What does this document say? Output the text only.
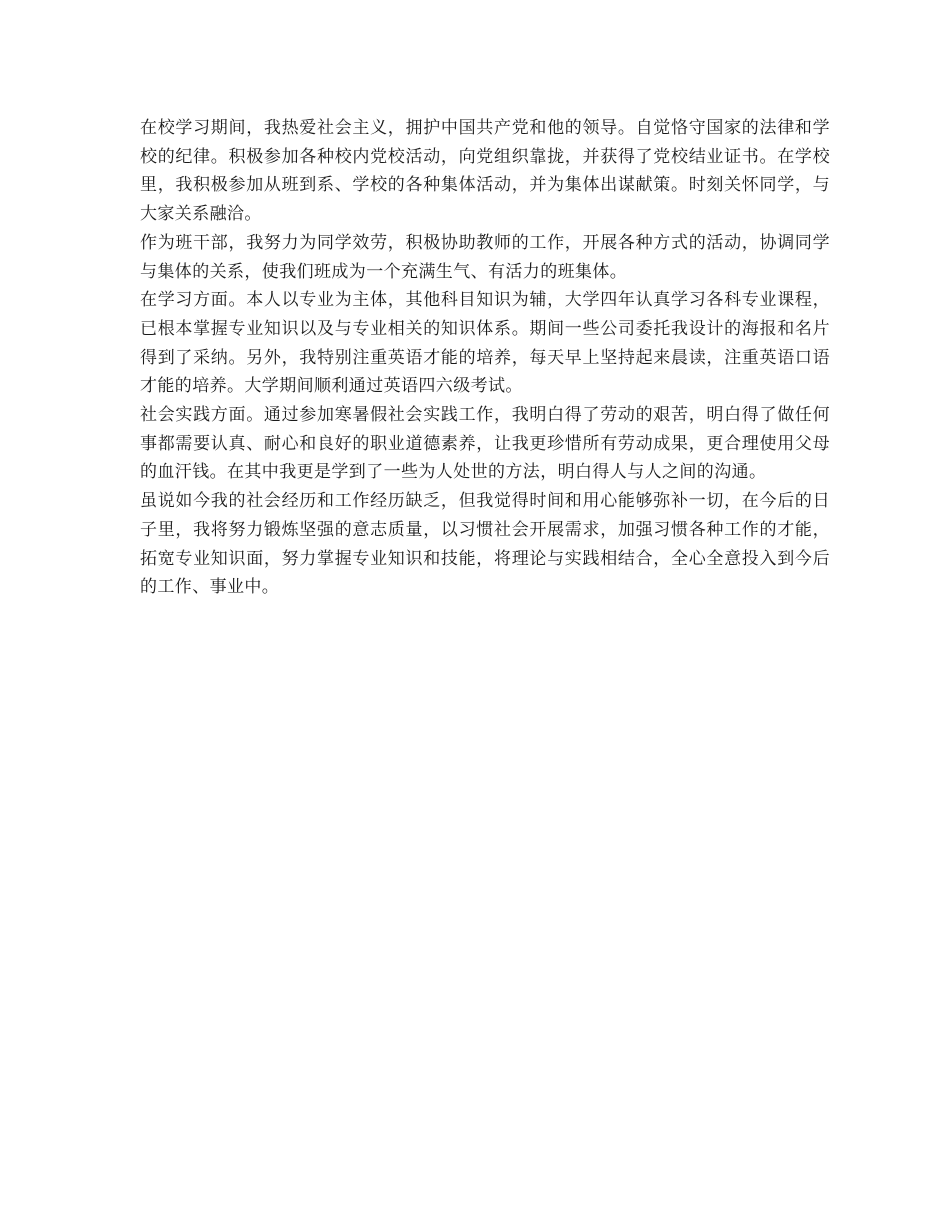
在校学习期间，我热爱社会主义，拥护中国共产党和他的领导。自觉恪守国家的法律和学校的纪律。积极参加各种校内党校活动，向党组织靠拢，并获得了党校结业证书。在学校里，我积极参加从班到系、学校的各种集体活动，并为集体出谋献策。时刻关怀同学，与大家关系融洽。

作为班干部，我努力为同学效劳，积极协助教师的工作，开展各种方式的活动，协调同学与集体的关系，使我们班成为一个充满生气、有活力的班集体。

在学习方面。本人以专业为主体，其他科目知识为辅，大学四年认真学习各科专业课程，已根本掌握专业知识以及与专业相关的知识体系。期间一些公司委托我设计的海报和名片得到了采纳。另外，我特别注重英语才能的培养，每天早上坚持起来晨读，注重英语口语才能的培养。大学期间顺利通过英语四六级考试。

社会实践方面。通过参加寒暑假社会实践工作，我明白得了劳动的艰苦，明白得了做任何事都需要认真、耐心和良好的职业道德素养，让我更珍惜所有劳动成果，更合理使用父母的血汗钱。在其中我更是学到了一些为人处世的方法，明白得人与人之间的沟通。

虽说如今我的社会经历和工作经历缺乏，但我觉得时间和用心能够弥补一切，在今后的日子里，我将努力锻炼坚强的意志质量，以习惯社会开展需求，加强习惯各种工作的才能，拓宽专业知识面，努力掌握专业知识和技能，将理论与实践相结合，全心全意投入到今后的工作、事业中。
